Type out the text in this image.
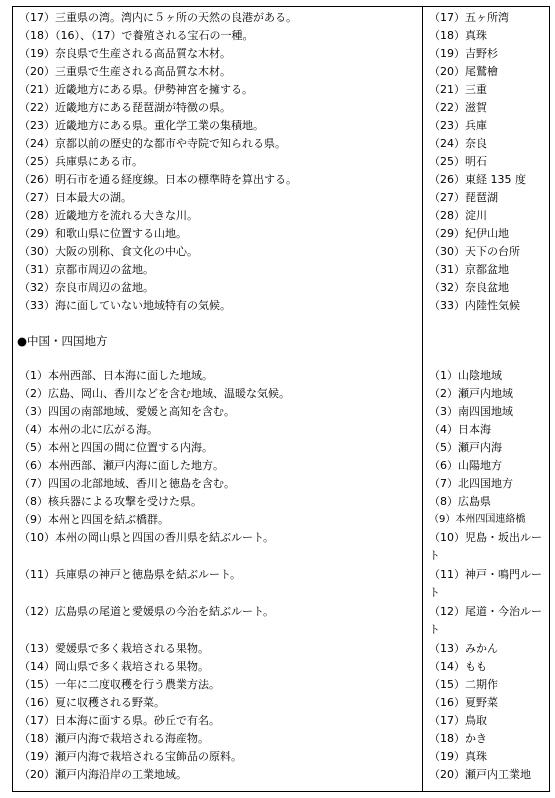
（17）三重県の湾。湾内に５ヶ所の天然の良港がある。	（17）五ヶ所湾
（18）（16）、（17）で養殖される宝石の一種。	（18）真珠
（19）奈良県で生産される高品質な木材。	（19）吉野杉
（20）三重県で生産される高品質な木材。	（20）尾鷲檜
（21）近畿地方にある県。伊勢神宮を擁する。	（21）三重
（22）近畿地方にある琵琶湖が特徴の県。	（22）滋賀
（23）近畿地方にある県。重化学工業の集積地。	（23）兵庫
（24）京都以前の歴史的な都市や寺院で知られる県。	（24）奈良
（25）兵庫県にある市。	（25）明石
（26）明石市を通る経度線。日本の標準時を算出する。	（26）東経 135 度
（27）日本最大の湖。	（27）琵琶湖
（28）近畿地方を流れる大きな川。	（28）淀川
（29）和歌山県に位置する山地。	（29）紀伊山地
（30）大阪の別称、食文化の中心。	（30）天下の台所
（31）京都市周辺の盆地。	（31）京都盆地
（32）奈良市周辺の盆地。	（32）奈良盆地
（33）海に面していない地域特有の気候。	（33）内陸性気候
●中国・四国地方
（1）本州西部、日本海に面した地域。	（1）山陰地域
（2）広島、岡山、香川などを含む地域、温暖な気候。	（2）瀬戸内地域
（3）四国の南部地域、愛媛と高知を含む。	（3）南四国地域
（4）本州の北に広がる海。	（4）日本海
（5）本州と四国の間に位置する内海。	（5）瀬戸内海
（6）本州西部、瀬戸内海に面した地方。	（6）山陽地方
（7）四国の北部地域、香川と徳島を含む。	（7）北四国地方
（8）核兵器による攻撃を受けた県。	（8）広島県
（9）本州と四国を結ぶ橋群。	（9）本州四国連絡橋
（10）本州の岡山県と四国の香川県を結ぶルート。	（10）児島・坂出ルート
（11）兵庫県の神戸と徳島県を結ぶルート。	（11）神戸・鳴門ルート
（12）広島県の尾道と愛媛県の今治を結ぶルート。	（12）尾道・今治ルート
（13）愛媛県で多く栽培される果物。	（13）みかん
（14）岡山県で多く栽培される果物。	（14）もも
（15）一年に二度収穫を行う農業方法。	（15）二期作
（16）夏に収穫される野菜。	（16）夏野菜
（17）日本海に面する県。砂丘で有名。	（17）鳥取
（18）瀬戸内海で栽培される海産物。	（18）かき
（19）瀬戸内海で栽培される宝飾品の原料。	（19）真珠
（20）瀬戸内海沿岸の工業地域。	（20）瀬戸内工業地
